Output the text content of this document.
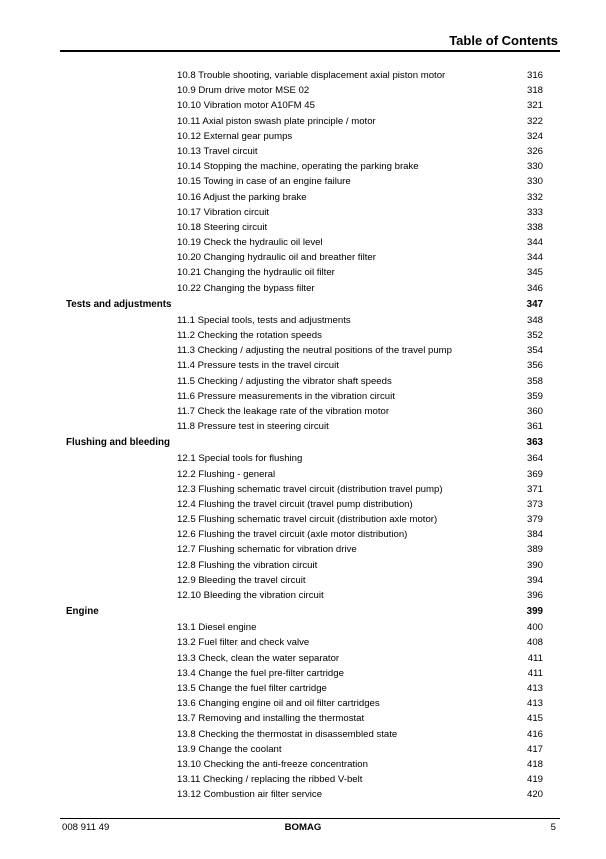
Table of Contents
10.8 Trouble shooting, variable displacement axial piston motor	316
10.9 Drum drive motor MSE 02	318
10.10 Vibration motor A10FM 45	321
10.11 Axial piston swash plate principle / motor	322
10.12 External gear pumps	324
10.13 Travel circuit	326
10.14 Stopping the machine, operating the parking brake	330
10.15 Towing in case of an engine failure	330
10.16 Adjust the parking brake	332
10.17 Vibration circuit	333
10.18 Steering circuit	338
10.19 Check the hydraulic oil level	344
10.20 Changing hydraulic oil and breather filter	344
10.21 Changing the hydraulic oil filter	345
10.22 Changing the bypass filter	346
Tests and adjustments	347
11.1 Special tools, tests and adjustments	348
11.2 Checking the rotation speeds	352
11.3 Checking / adjusting the neutral positions of the travel pump	354
11.4 Pressure tests in the travel circuit	356
11.5 Checking / adjusting the vibrator shaft speeds	358
11.6 Pressure measurements in the vibration circuit	359
11.7 Check the leakage rate of the vibration motor	360
11.8 Pressure test in steering circuit	361
Flushing and bleeding	363
12.1 Special tools for flushing	364
12.2 Flushing - general	369
12.3 Flushing schematic travel circuit (distribution travel pump)	371
12.4 Flushing the travel circuit (travel pump distribution)	373
12.5 Flushing schematic travel circuit (distribution axle motor)	379
12.6 Flushing the travel circuit (axle motor distribution)	384
12.7 Flushing schematic for vibration drive	389
12.8 Flushing the vibration circuit	390
12.9 Bleeding the travel circuit	394
12.10 Bleeding the vibration circuit	396
Engine	399
13.1 Diesel engine	400
13.2 Fuel filter and check valve	408
13.3 Check, clean the water separator	411
13.4 Change the fuel pre-filter cartridge	411
13.5 Change the fuel filter cartridge	413
13.6 Changing engine oil and oil filter cartridges	413
13.7 Removing and installing the thermostat	415
13.8 Checking the thermostat in disassembled state	416
13.9 Change the coolant	417
13.10 Checking the anti-freeze concentration	418
13.11 Checking / replacing the ribbed V-belt	419
13.12 Combustion air filter service	420
008 911 49	BOMAG	5
